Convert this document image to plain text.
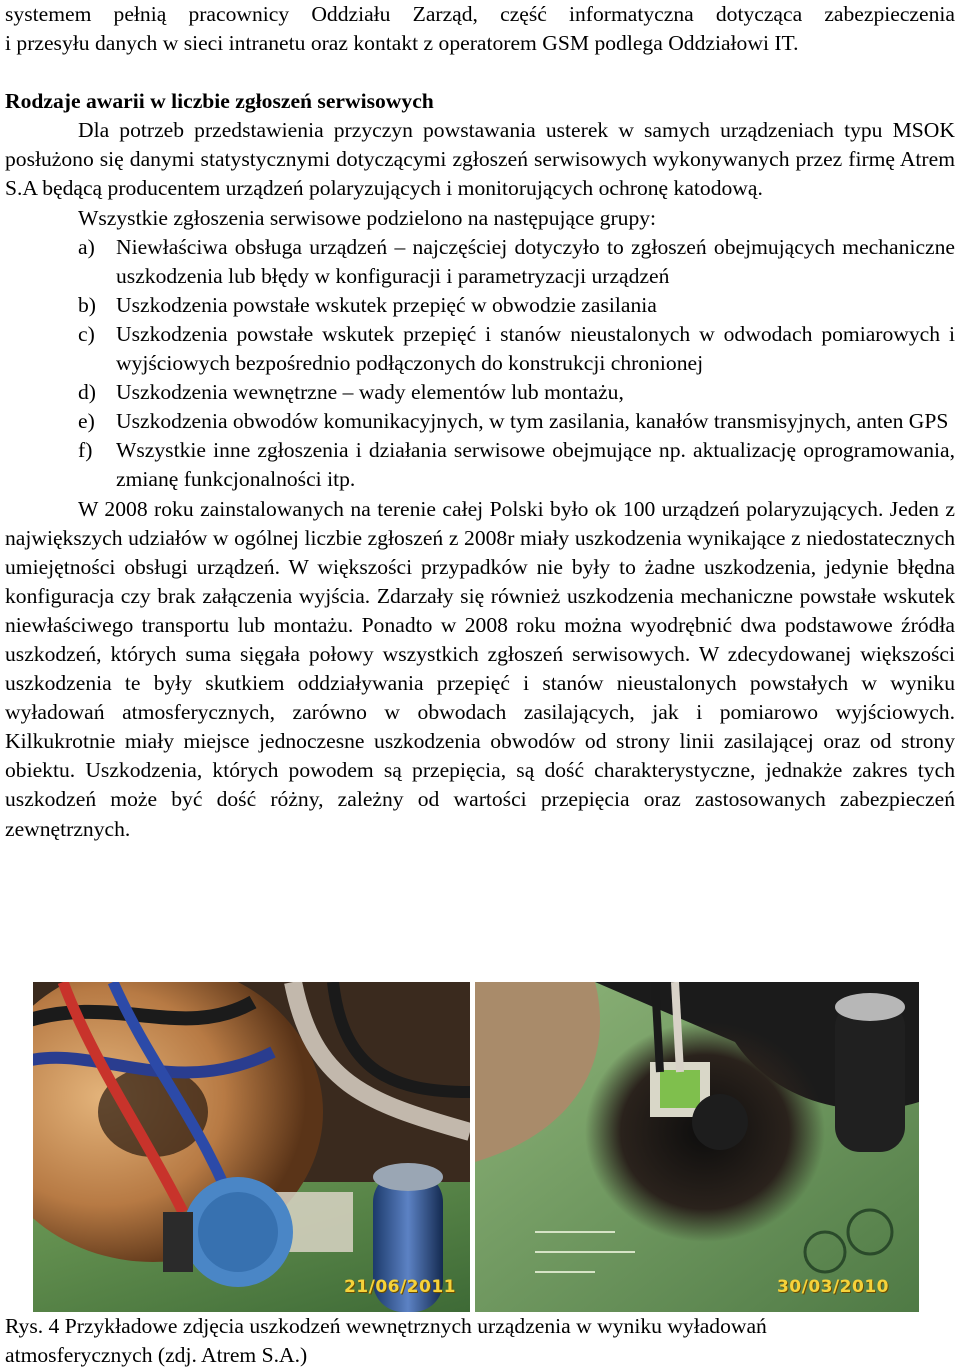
systemem pełnią pracownicy Oddziału Zarząd, część informatyczna dotycząca zabezpieczenia

i przesyłu danych w sieci intranetu oraz kontakt z operatorem GSM podlega Oddziałowi IT.

Rodzaje awarii w liczbie zgłoszeń serwisowych

Dla potrzeb przedstawienia przyczyn powstawania usterek w samych urządzeniach typu MSOK posłużono się danymi statystycznymi dotyczącymi zgłoszeń serwisowych wykonywanych przez firmę Atrem S.A będącą producentem urządzeń polaryzujących i monitorujących ochronę katodową.

Wszystkie zgłoszenia serwisowe podzielono na następujące grupy:

a) Niewłaściwa obsługa urządzeń – najczęściej dotyczyło to zgłoszeń obejmujących mechaniczne uszkodzenia lub błędy w konfiguracji i parametryzacji urządzeń
b) Uszkodzenia powstałe wskutek przepięć w obwodzie zasilania
c) Uszkodzenia powstałe wskutek przepięć i stanów nieustalonych w odwodach pomiarowych i wyjściowych bezpośrednio podłączonych do konstrukcji chronionej
d) Uszkodzenia wewnętrzne – wady elementów lub montażu,
e) Uszkodzenia obwodów komunikacyjnych, w tym zasilania, kanałów transmisyjnych, anten GPS
f) Wszystkie inne zgłoszenia i działania serwisowe obejmujące np. aktualizację oprogramowania, zmianę funkcjonalności itp.

W 2008 roku zainstalowanych na terenie całej Polski było ok 100 urządzeń polaryzujących. Jeden z największych udziałów w ogólnej liczbie zgłoszeń z 2008r miały uszkodzenia wynikające z niedostatecznych umiejętności obsługi urządzeń. W większości przypadków nie były to żadne uszkodzenia, jedynie błędna konfiguracja czy brak załączenia wyjścia. Zdarzały się również uszkodzenia mechaniczne powstałe wskutek niewłaściwego transportu lub montażu. Ponadto w 2008 roku można wyodrębnić dwa podstawowe źródła uszkodzeń, których suma sięgała połowy wszystkich zgłoszeń serwisowych. W zdecydowanej większości uszkodzenia te były skutkiem oddziaływania przepięć i stanów nieustalonych powstałych w wyniku wyładowań atmosferycznych, zarówno w obwodach zasilających, jak i pomiarowo wyjściowych. Kilkukrotnie miały miejsce jednoczesne uszkodzenia obwodów od strony linii zasilającej oraz od strony obiektu. Uszkodzenia, których powodem są przepięcia, są dość charakterystyczne, jednakże zakres tych uszkodzeń może być dość różny, zależny od wartości przepięcia oraz zastosowanych zabezpieczeń zewnętrznych.

21/06/2011	30/03/2010

Rys. 4 Przykładowe zdjęcia uszkodzeń wewnętrznych urządzenia w wyniku wyładowań

atmosferycznych (zdj. Atrem S.A.)
